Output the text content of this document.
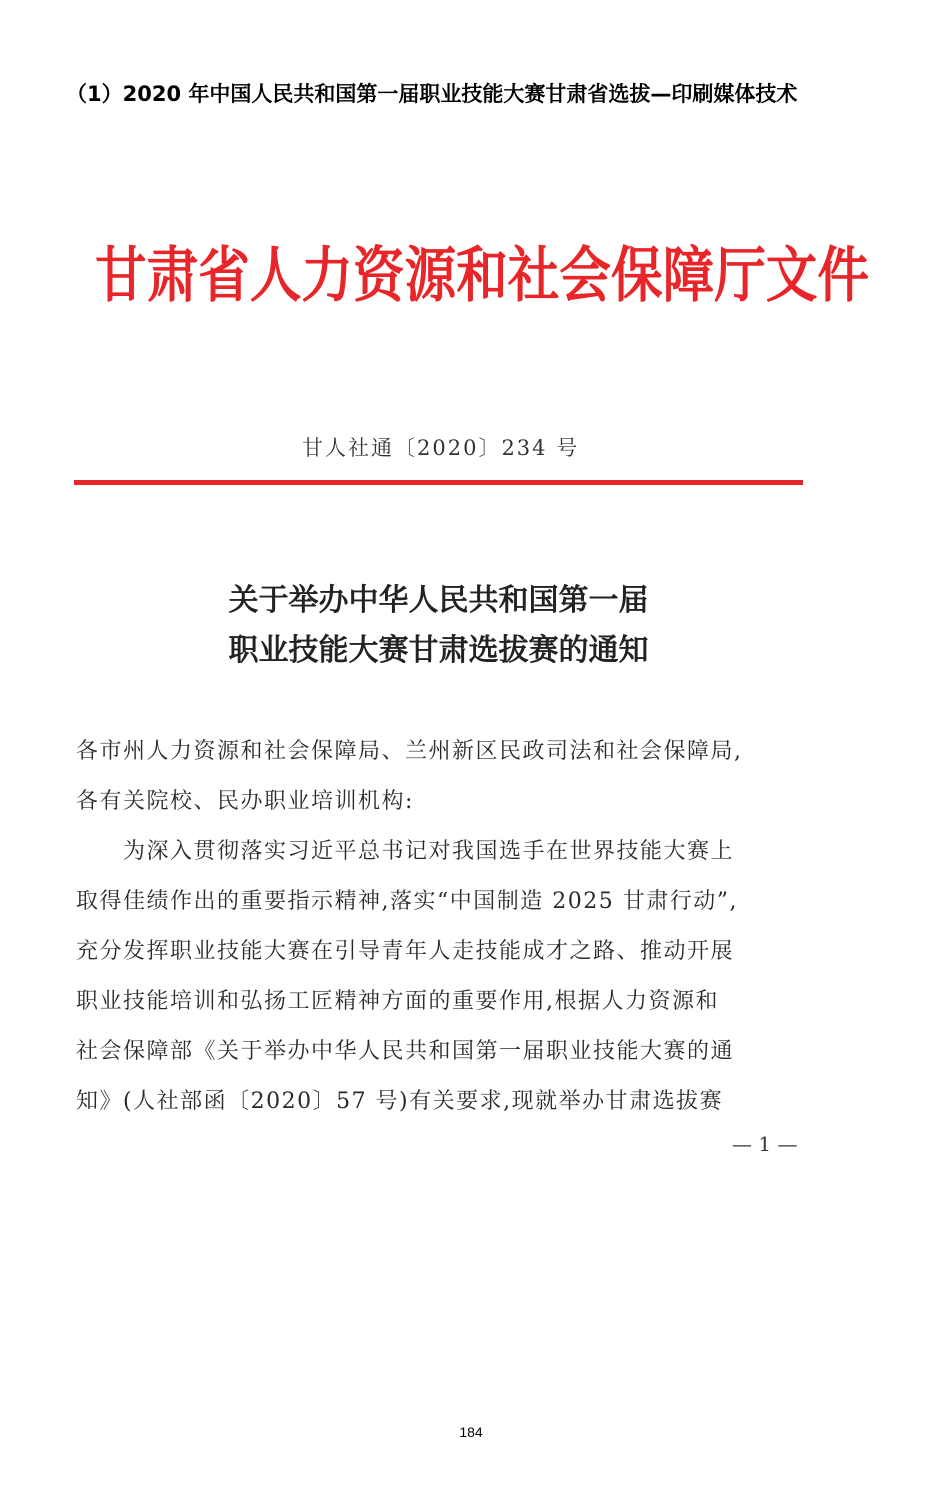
（1）2020 年中国人民共和国第一届职业技能大赛甘肃省选拔—印刷媒体技术
甘肃省人力资源和社会保障厅文件
甘人社通〔2020〕234 号
关于举办中华人民共和国第一届
职业技能大赛甘肃选拔赛的通知
各市州人力资源和社会保障局、兰州新区民政司法和社会保障局,
各有关院校、民办职业培训机构:
　　为深入贯彻落实习近平总书记对我国选手在世界技能大赛上
取得佳绩作出的重要指示精神,落实“中国制造 2025 甘肃行动”,
充分发挥职业技能大赛在引导青年人走技能成才之路、推动开展
职业技能培训和弘扬工匠精神方面的重要作用,根据人力资源和
社会保障部《关于举办中华人民共和国第一届职业技能大赛的通
知》(人社部函〔2020〕57 号)有关要求,现就举办甘肃选拔赛
— 1 —
184
